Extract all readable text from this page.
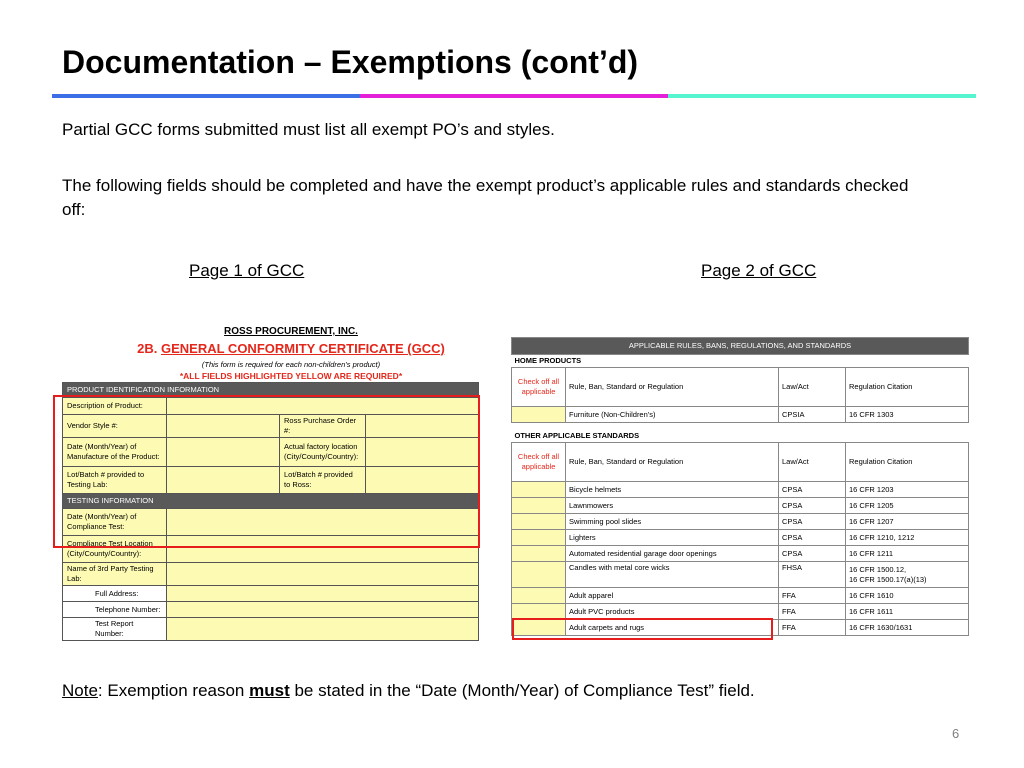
Documentation – Exemptions (cont’d)
Partial GCC forms submitted must list all exempt PO’s and styles.
The following fields should be completed and have the exempt product’s applicable rules and standards checked off:
Page 1 of GCC	Page 2 of GCC
ROSS PROCUREMENT, INC.
2B. GENERAL CONFORMITY CERTIFICATE (GCC)
(This form is required for each non-children’s product)
*ALL FIELDS HIGHLIGHTED YELLOW ARE REQUIRED*
PRODUCT IDENTIFICATION INFORMATION			
Description of Product:			
Vendor Style #:		Ross Purchase Order #:	
Date (Month/Year) of Manufacture of the Product:		Actual factory location (City/County/Country):	
Lot/Batch # provided to Testing Lab:		Lot/Batch # provided to Ross:	
TESTING INFORMATION			
Date (Month/Year) of Compliance Test:			
Compliance Test Location (City/County/Country):			
Name of 3rd Party Testing Lab:			
Full Address:			
Telephone Number:			
Test Report Number:			
APPLICABLE RULES, BANS, REGULATIONS, AND STANDARDS			
HOME PRODUCTS			
Check off all applicable	Rule, Ban, Standard or Regulation	Law/Act	Regulation Citation
	Furniture (Non-Children’s)	CPSIA	16 CFR 1303
OTHER APPLICABLE STANDARDS			
Check off all applicable	Rule, Ban, Standard or Regulation	Law/Act	Regulation Citation
	Bicycle helmets	CPSA	16 CFR 1203
	Lawnmowers	CPSA	16 CFR 1205
	Swimming pool slides	CPSA	16 CFR 1207
	Lighters	CPSA	16 CFR 1210, 1212
	Automated residential garage door openings	CPSA	16 CFR 1211
	Candles with metal core wicks	FHSA	16 CFR 1500.12,
16 CFR 1500.17(a)(13)

	Adult apparel	FFA	16 CFR 1610
	Adult PVC products	FFA	16 CFR 1611
	Adult carpets and rugs	FFA	16 CFR 1630/1631
Note: Exemption reason must be stated in the “Date (Month/Year) of Compliance Test” field.
6
